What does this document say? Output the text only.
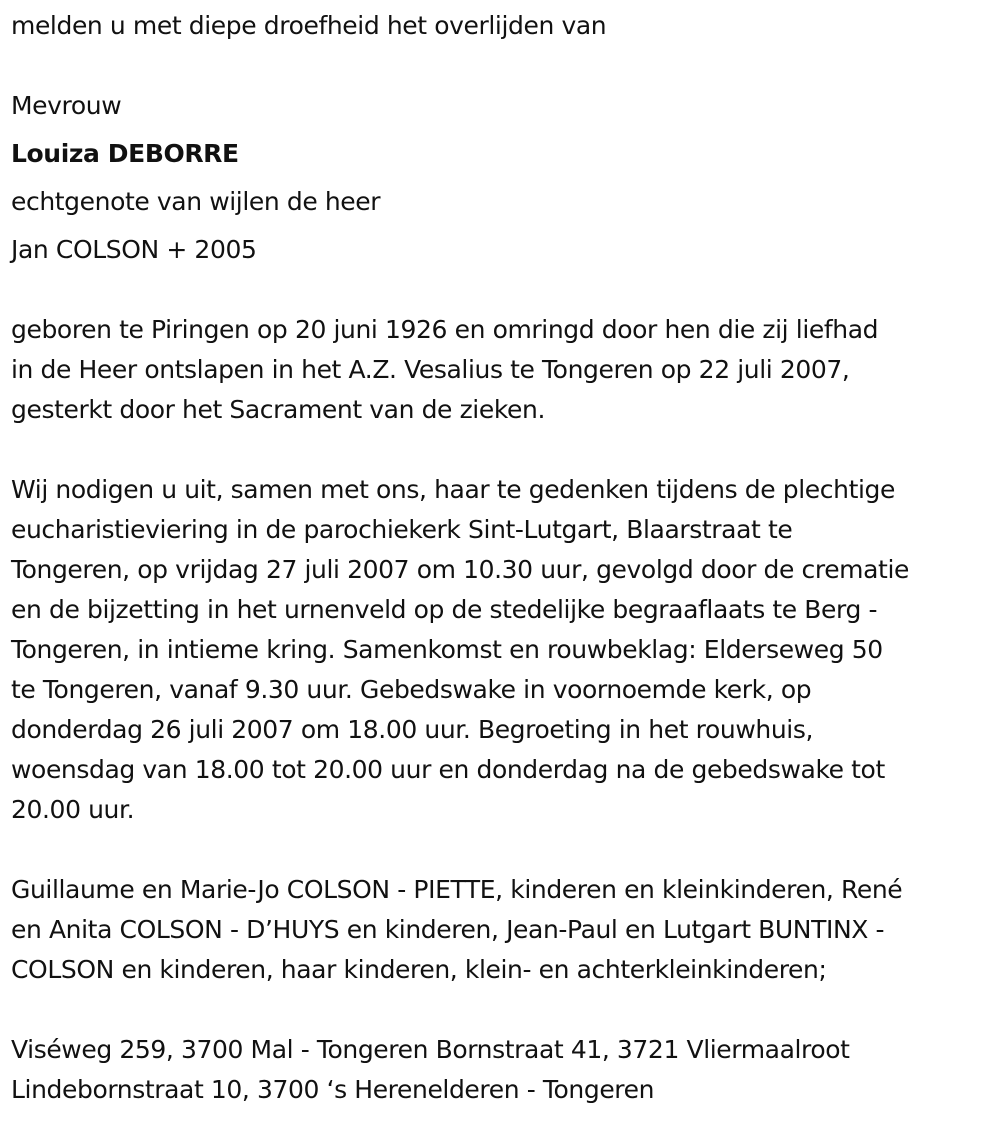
melden u met diepe droefheid het overlijden van
Mevrouw
Louiza DEBORRE
echtgenote van wijlen de heer
Jan COLSON + 2005
geboren te Piringen op 20 juni 1926 en omringd door hen die zij liefhad
in de Heer ontslapen in het A.Z. Vesalius te Tongeren op 22 juli 2007,
gesterkt door het Sacrament van de zieken.
Wij nodigen u uit, samen met ons, haar te gedenken tijdens de plechtige
eucharistieviering in de parochiekerk Sint-Lutgart, Blaarstraat te
Tongeren, op vrijdag 27 juli 2007 om 10.30 uur, gevolgd door de crematie
en de bijzetting in het urnenveld op de stedelijke begraaflaats te Berg -
Tongeren, in intieme kring. Samenkomst en rouwbeklag: Elderseweg 50
te Tongeren, vanaf 9.30 uur. Gebedswake in voornoemde kerk, op
donderdag 26 juli 2007 om 18.00 uur. Begroeting in het rouwhuis,
woensdag van 18.00 tot 20.00 uur en donderdag na de gebedswake tot
20.00 uur.
Guillaume en Marie-Jo COLSON - PIETTE, kinderen en kleinkinderen, René
en Anita COLSON - D’HUYS en kinderen, Jean-Paul en Lutgart BUNTINX -
COLSON en kinderen, haar kinderen, klein- en achterkleinkinderen;
Viséweg 259, 3700 Mal - Tongeren Bornstraat 41, 3721 Vliermaalroot
Lindebornstraat 10, 3700 ‘s Herenelderen - Tongeren
